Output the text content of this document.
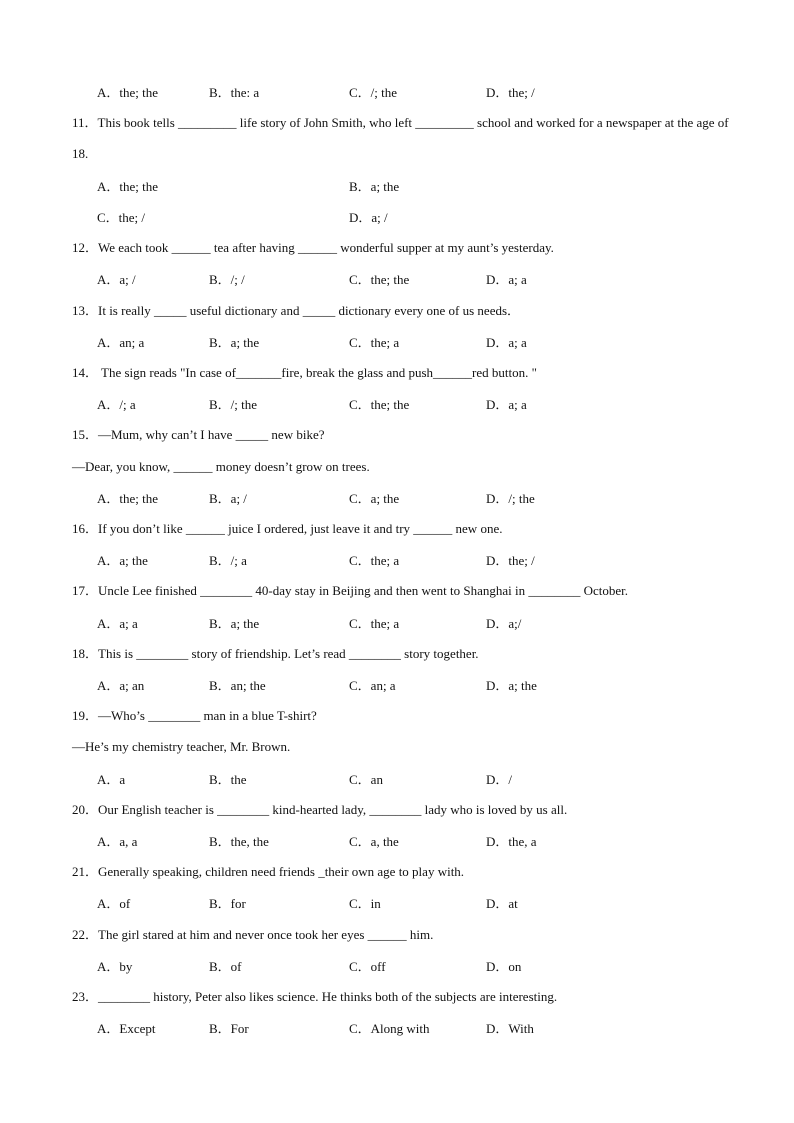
A．the; the	B．the: a	C．/; the	D．the; /
11．This book tells _________ life story of John Smith, who left _________ school and worked for a newspaper at the age of 18.
A．the; the	B．a; the
C．the; /	D．a; /
12．We each took ______ tea after having ______ wonderful supper at my aunt’s yesterday.
A．a; /	B．/; /	C．the; the	D．a; a
13．It is really _____ useful dictionary and _____ dictionary every one of us needs．
A．an; a	B．a; the	C．the; a	D．a; a
14． The sign reads "In case of_______fire, break the glass and push______red button. "
A．/; a	B．/; the	C．the; the	D．a; a
15．—Mum, why can’t I have _____ new bike?
—Dear, you know, ______ money doesn’t grow on trees.
A．the; the	B．a; /	C．a; the	D．/; the
16．If you don’t like ______ juice I ordered, just leave it and try ______ new one.
A．a; the	B．/; a	C．the; a	D．the; /
17．Uncle Lee finished ________ 40-day stay in Beijing and then went to Shanghai in ________ October.
A．a; a	B．a; the	C．the; a	D．a;/
18．This is ________ story of friendship. Let’s read ________ story together.
A．a; an	B．an; the	C．an; a	D．a; the
19．—Who’s ________ man in a blue T-shirt?
—He’s my chemistry teacher, Mr. Brown.
A．a	B．the	C．an	D．/
20．Our English teacher is ________ kind-hearted lady, ________ lady who is loved by us all.
A．a, a	B．the, the	C．a, the	D．the, a
21．Generally speaking, children need friends _their own age to play with.
A．of	B．for	C．in	D．at
22．The girl stared at him and never once took her eyes ______ him.
A．by	B．of	C．off	D．on
23．________ history, Peter also likes science. He thinks both of the subjects are interesting.
A．Except	B．For	C．Along with	D．With
